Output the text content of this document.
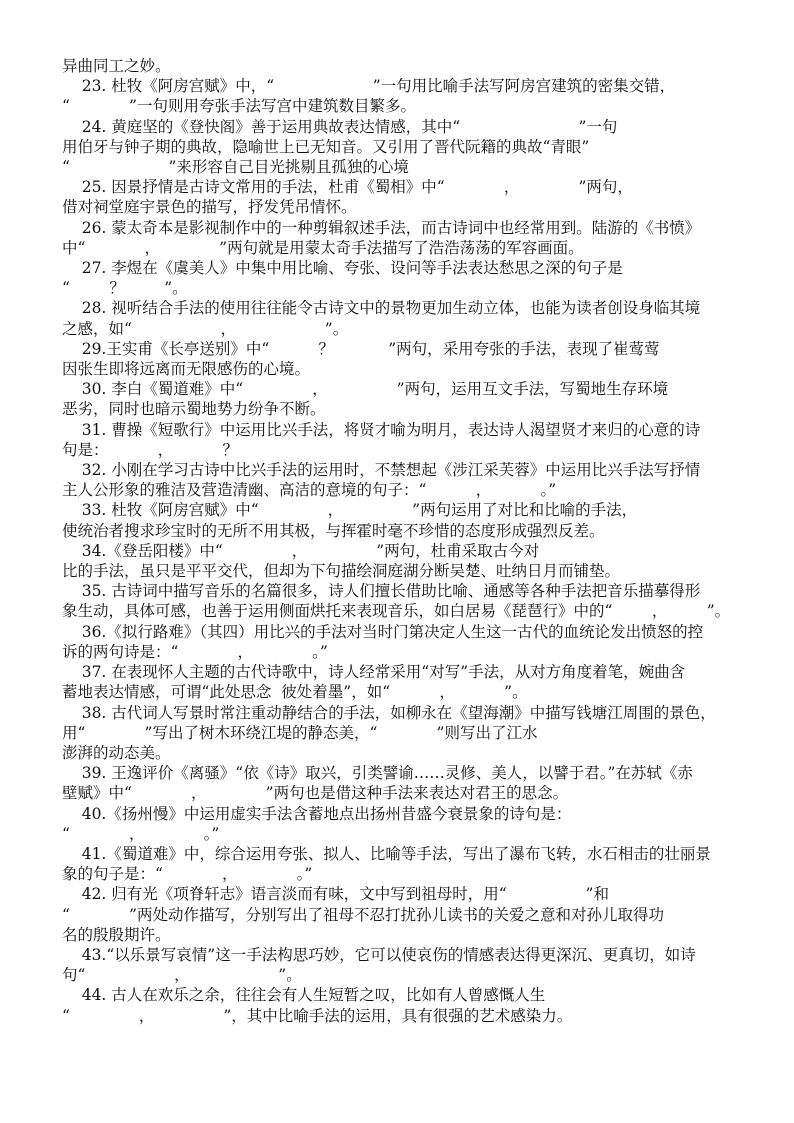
异曲同工之妙。

23. 杜牧《阿房宫赋》中，“                    ”一句用比喻手法写阿房宫建筑的密集交错，

“            ”一句则用夸张手法写宫中建筑数目繁多。

24. 黄庭坚的《登快阁》善于运用典故表达情感，其中“                        ”一句

用伯牙与钟子期的典故，隐喻世上已无知音。又引用了晋代阮籍的典故“青眼”

“                    ”来形容自己目光挑剔且孤独的心境

25. 因景抒情是古诗文常用的手法，杜甫《蜀相》中“            ，            ”两句，

借对祠堂庭宇景色的描写，抒发凭吊情怀。

26. 蒙太奇本是影视制作中的一种剪辑叙述手法，而古诗词中也经常用到。陆游的《书愤》

中“            ，            ”两句就是用蒙太奇手法描写了浩浩荡荡的军容画面。

27. 李煜在《虞美人》中集中用比喻、夸张、设问等手法表达愁思之深的句子是

“        ？        ”。

28. 视听结合手法的使用往往能令古诗文中的景物更加生动立体，也能为读者创设身临其境

之感，如“                  ，                  ”。

29.王实甫《长亭送别》中“          ？           ”两句，采用夸张的手法，表现了崔莺莺

因张生即将远离而无限感伤的心境。

30. 李白《蜀道难》中“              ，              ”两句，运用互文手法，写蜀地生存环境

恶劣，同时也暗示蜀地势力纷争不断。

31. 曹操《短歌行》中运用比兴手法，将贤才喻为明月，表达诗人渴望贤才来归的心意的诗

句是：          ，          ？

32. 小刚在学习古诗中比兴手法的运用时，不禁想起《涉江采芙蓉》中运用比兴手法写抒情

主人公形象的雅洁及营造清幽、高洁的意境的句子：“          ，          。”

33. 杜牧《阿房宫赋》中“              ，              ”两句运用了对比和比喻的手法，

使统治者搜求珍宝时的无所不用其极，与挥霍时毫不珍惜的态度形成强烈反差。

34.《登岳阳楼》中“              ，              ”两句，杜甫采取古今对

比的手法，虽只是平平交代，但却为下句描绘洞庭湖分断吴楚、吐纳日月而铺垫。

35. 古诗词中描写音乐的名篇很多，诗人们擅长借助比喻、通感等各种手法把音乐描摹得形

象生动，具体可感，也善于运用侧面烘托来表现音乐，如白居易《琵琶行》中的“        ，        ”。

36.《拟行路难》（其四）用比兴的手法对当时门第决定人生这一古代的血统论发出愤怒的控

诉的两句诗是：“            ，            。”

37. 在表现怀人主题的古代诗歌中，诗人经常采用“对写”手法，从对方角度着笔，婉曲含

蓄地表达情感，可谓“此处思念  彼处着墨”，如“          ，          ”。

38. 古代词人写景时常注重动静结合的手法，如柳永在《望海潮》中描写钱塘江周围的景色，

用“            ”写出了树木环绕江堤的静态美，“            ”则写出了江水

澎湃的动态美。

39. 王逸评价《离骚》“依《诗》取兴，引类譬谕……灵修、美人，以譬于君。”在苏轼《赤

壁赋》中“            ，            ”两句也是借这种手法来表达对君王的思念。

40.《扬州慢》中运用虚实手法含蓄地点出扬州昔盛今衰景象的诗句是：

“            ，            。”

41.《蜀道难》中，综合运用夸张、拟人、比喻等手法，写出了瀑布飞转，水石相击的壮丽景

象的句子是：“            ，            。”

42. 归有光《项脊轩志》语言淡而有味，文中写到祖母时，用“                ”和

“            ”两处动作描写，分别写出了祖母不忍打扰孙儿读书的关爱之意和对孙儿取得功

名的殷殷期许。

43.“以乐景写哀情”这一手法构思巧妙，它可以使哀伤的情感表达得更深沉、更真切，如诗

句“                  ，                  ”。

44. 古人在欢乐之余，往往会有人生短暂之叹，比如有人曾感慨人生

“              ，              ”，其中比喻手法的运用，具有很强的艺术感染力。
